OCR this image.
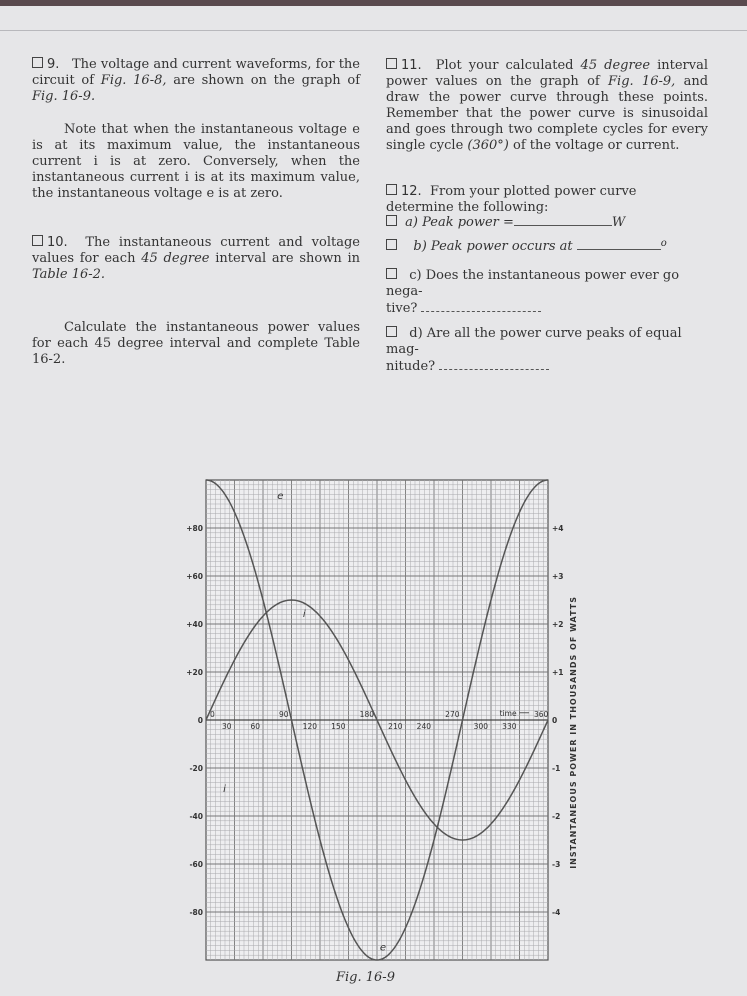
9. The voltage and current waveforms, for the circuit of Fig. 16-8, are shown on the graph of Fig. 16-9.
Note that when the instantaneous voltage e is at its maximum value, the instantaneous current i is at zero. Conversely, when the instantaneous current i is at its maximum value, the instantaneous voltage e is at zero.
10. The instantaneous current and voltage values for each 45 degree interval are shown in Table 16-2.
Calculate the instantaneous power values for each 45 degree interval and complete Table 16-2.
11. Plot your calculated 45 degree interval power values on the graph of Fig. 16-9, and draw the power curve through these points. Remember that the power curve is sinusoidal and goes through two complete cycles for every single cycle (360°) of the voltage or current.
12. From your plotted power curve determine the following:
a) Peak power =	W
b) Peak power occurs at	$^o$
c) Does the instantaneous power ever go nega-
tive?
d) Are all the power curve peaks of equal mag-
nitude?
+80
+60
+40
+20
0
-20
-40
-60
-80
+4
+3
+2
+1
0
-1
-2
-3
-4
0
30	60
90
120 150
180
210 240
270
300 330
360
time
e
e
i
i	INSTANTANEOUS POWER IN THOUSANDS OF WATTS
Fig. 16-9
